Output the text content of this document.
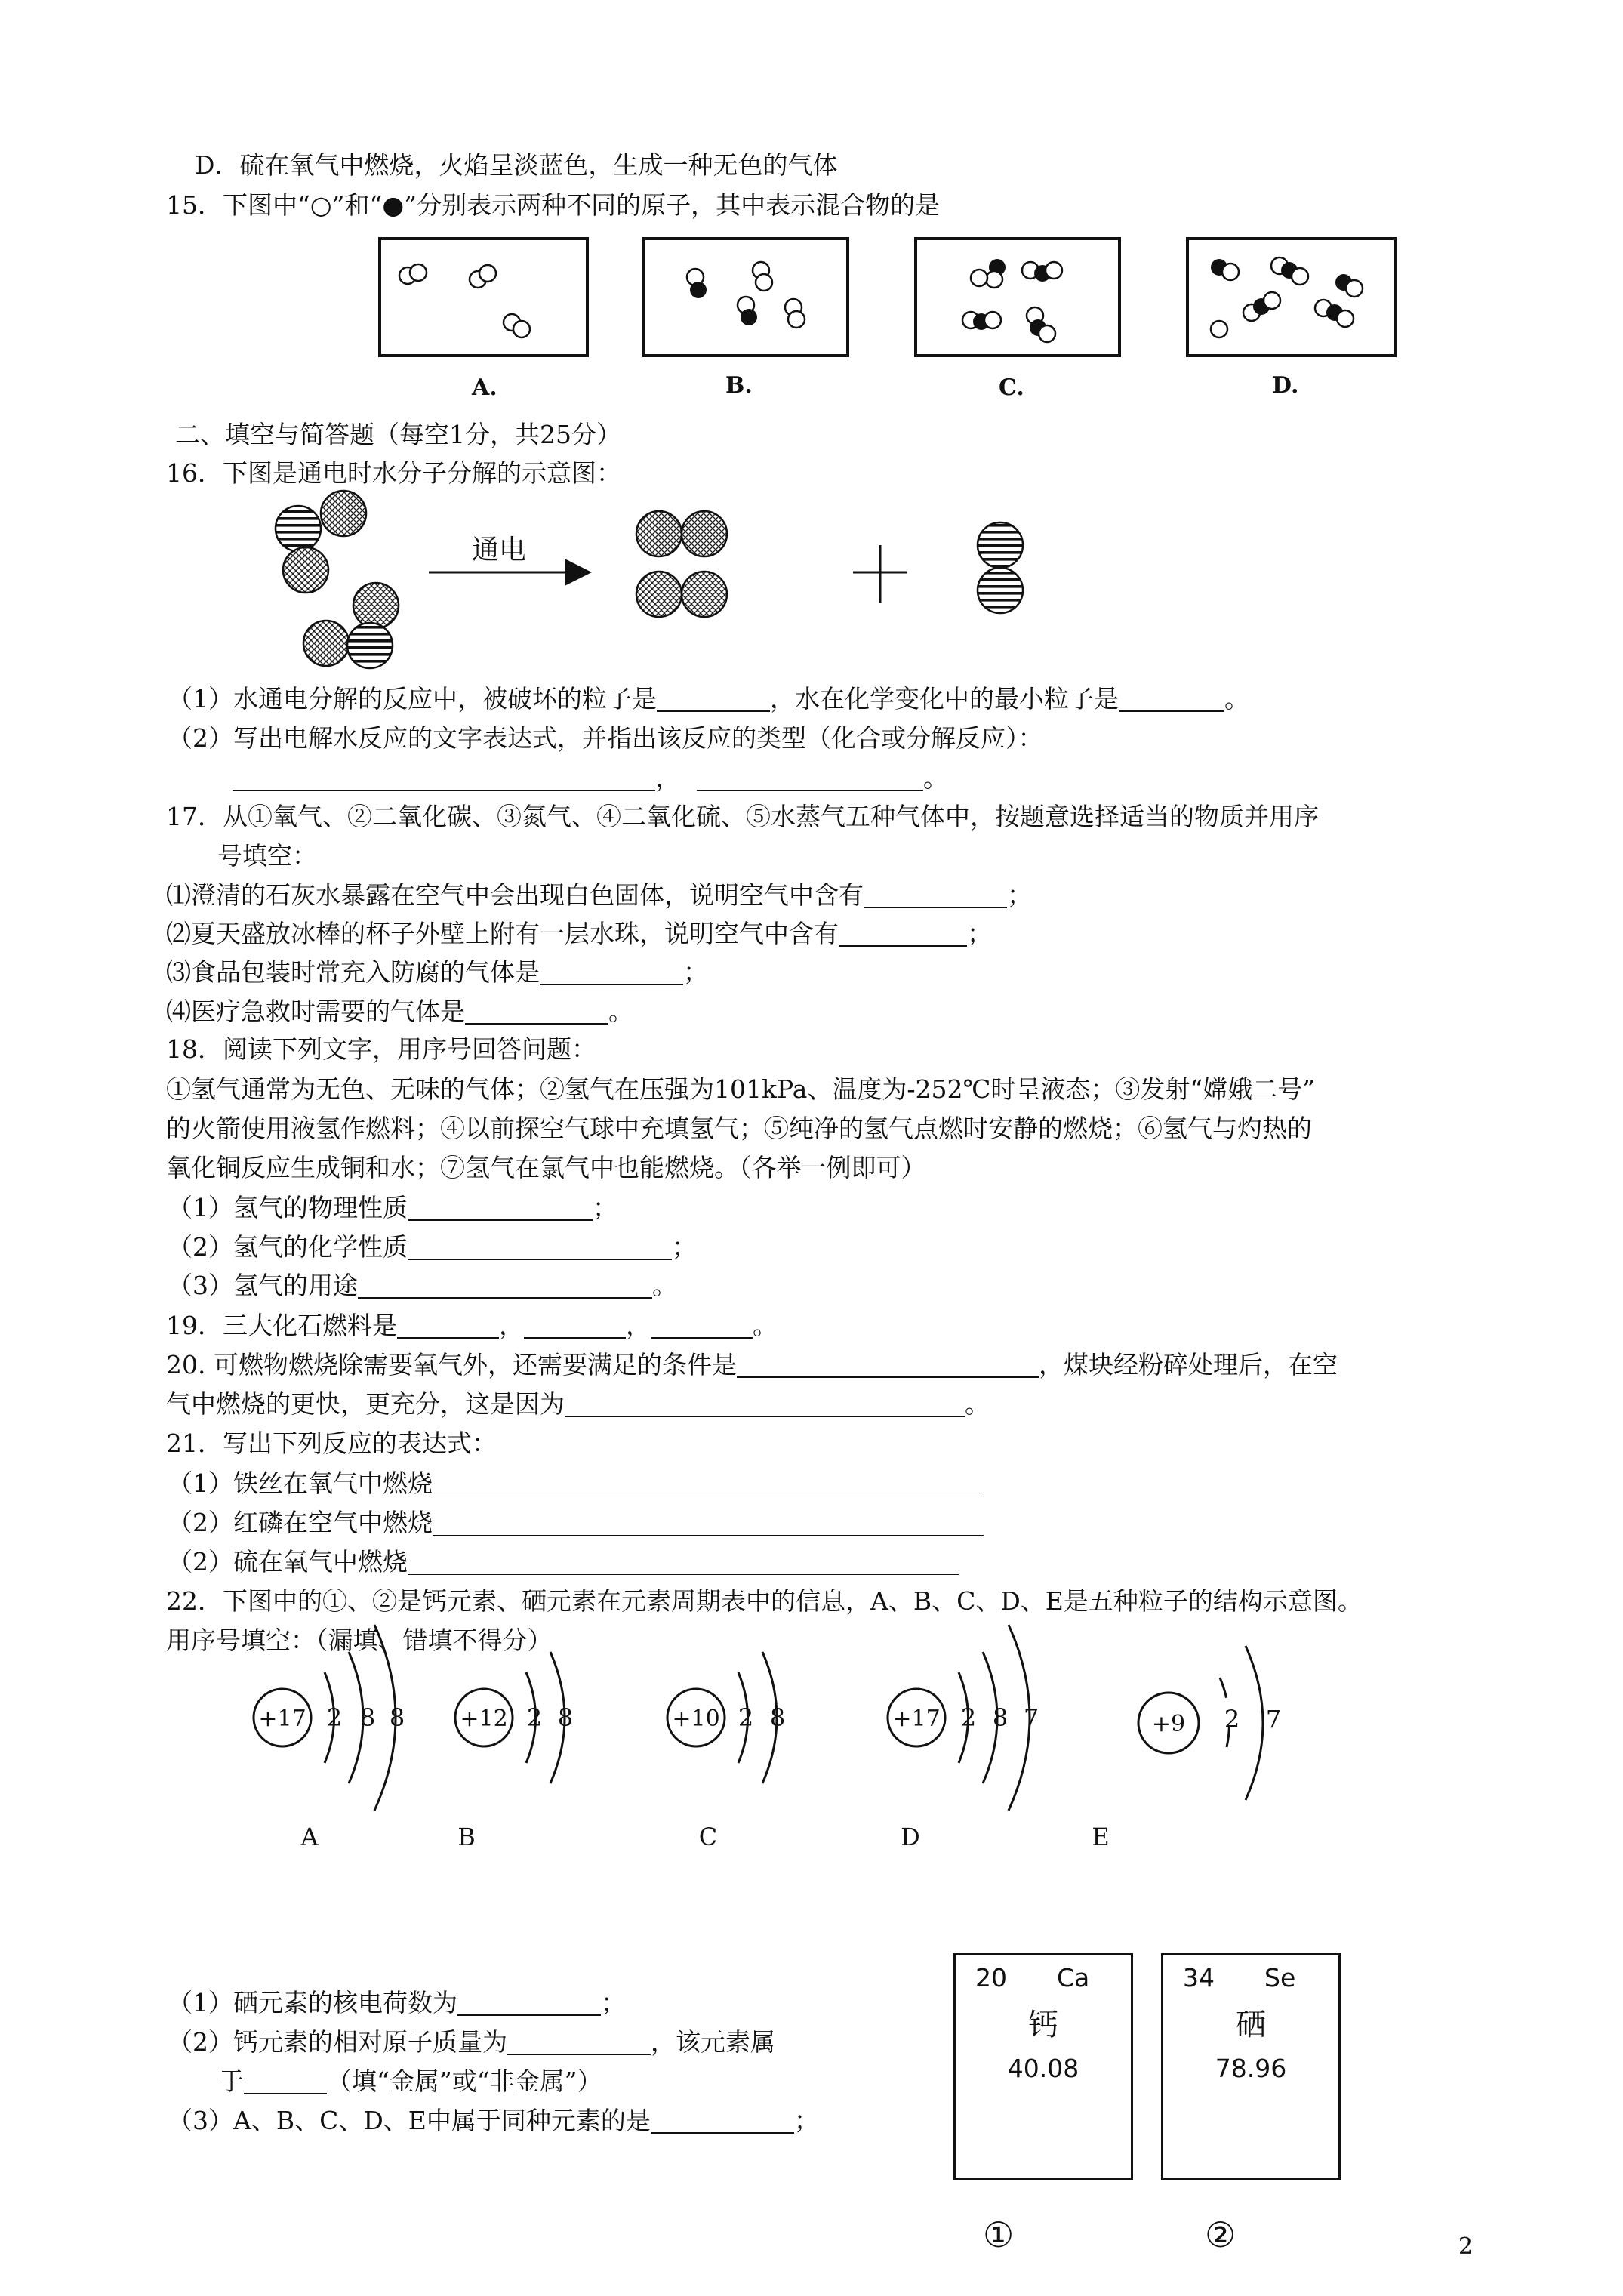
D．硫在氧气中燃烧，火焰呈淡蓝色，生成一种无色的气体
15．下图中“○”和“●”分别表示两种不同的原子，其中表示混合物的是
A.	B.	C.	D.
二、填空与简答题（每空1分，共25分）
16．下图是通电时水分子分解的示意图：
通电
（1）水通电分解的反应中，被破坏的粒子是	，水在化学变化中的最小粒子是	。
（2）写出电解水反应的文字表达式，并指出该反应的类型（化合或分解反应）：
，	。
17．从①氧气、②二氧化碳、③氮气、④二氧化硫、⑤水蒸气五种气体中，按题意选择适当的物质并用序
号填空：
⑴澄清的石灰水暴露在空气中会出现白色固体，说明空气中含有	；
⑵夏天盛放冰棒的杯子外壁上附有一层水珠，说明空气中含有	；
⑶食品包装时常充入防腐的气体是	；
⑷医疗急救时需要的气体是	。
18．阅读下列文字，用序号回答问题：
①氢气通常为无色、无味的气体；②氢气在压强为101kPa、温度为-252℃时呈液态；③发射“嫦娥二号”
的火箭使用液氢作燃料；④以前探空气球中充填氢气；⑤纯净的氢气点燃时安静的燃烧；⑥氢气与灼热的
氧化铜反应生成铜和水；⑦氢气在氯气中也能燃烧。（各举一例即可）
（1）氢气的物理性质	；
（2）氢气的化学性质	；
（3）氢气的用途	。
19．三大化石燃料是	，	，	。
20. 可燃物燃烧除需要氧气外，还需要满足的条件是	，煤块经粉碎处理后，在空
气中燃烧的更快，更充分，这是因为	。
21．写出下列反应的表达式：
（1）铁丝在氧气中燃烧
（2）红磷在空气中燃烧
（2）硫在氧气中燃烧
22．下图中的①、②是钙元素、硒元素在元素周期表中的信息，A、B、C、D、E是五种粒子的结构示意图。
用序号填空：（漏填、错填不得分）
+17 2 8 8
A
+12 2 8
B
+10 2 8
C
+17 2 8 7
D
+9 2 7
E
（1）硒元素的核电荷数为	；
（2）钙元素的相对原子质量为	，该元素属
于	（填“金属”或“非金属”）
（3）A、B、C、D、E中属于同种元素的是	；
20 Ca
钙
40.08
34 Se
硒
78.96
①	②	2
